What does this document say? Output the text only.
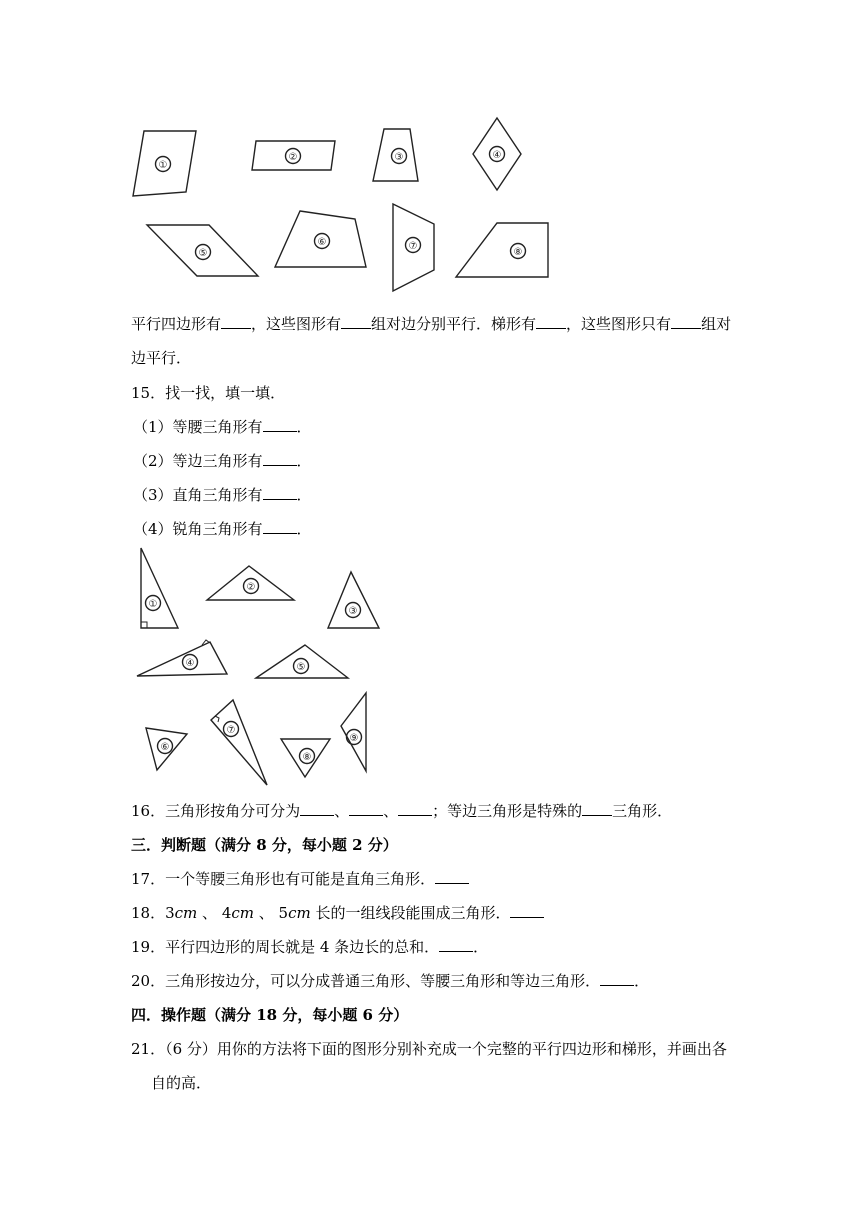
①
②	③	④
⑤
⑥	⑦
⑧
平行四边形有 ，这些图形有 组对边分别平行．梯形有 ，这些图形只有 组对
边平行．
15．找一找，填一填．
（1）等腰三角形有 ．
（2）等边三角形有 ．
（3）直角三角形有 ．
（4）锐角三角形有 ．
①
②
③
④	⑤
⑥
⑦
⑧
⑨
16．三角形按角分可分为 、 、 ；等边三角形是特殊的 三角形．
三．判断题（满分 8 分，每小题 2 分）
17．一个等腰三角形也有可能是直角三角形．
18．3cm 、 4cm 、 5cm 长的一组线段能围成三角形．
19．平行四边形的周长就是 4 条边长的总和． ．
20．三角形按边分，可以分成普通三角形、等腰三角形和等边三角形． ．
四．操作题（满分 18 分，每小题 6 分）
21．（6 分）用你的方法将下面的图形分别补充成一个完整的平行四边形和梯形，并画出各
自的高．
